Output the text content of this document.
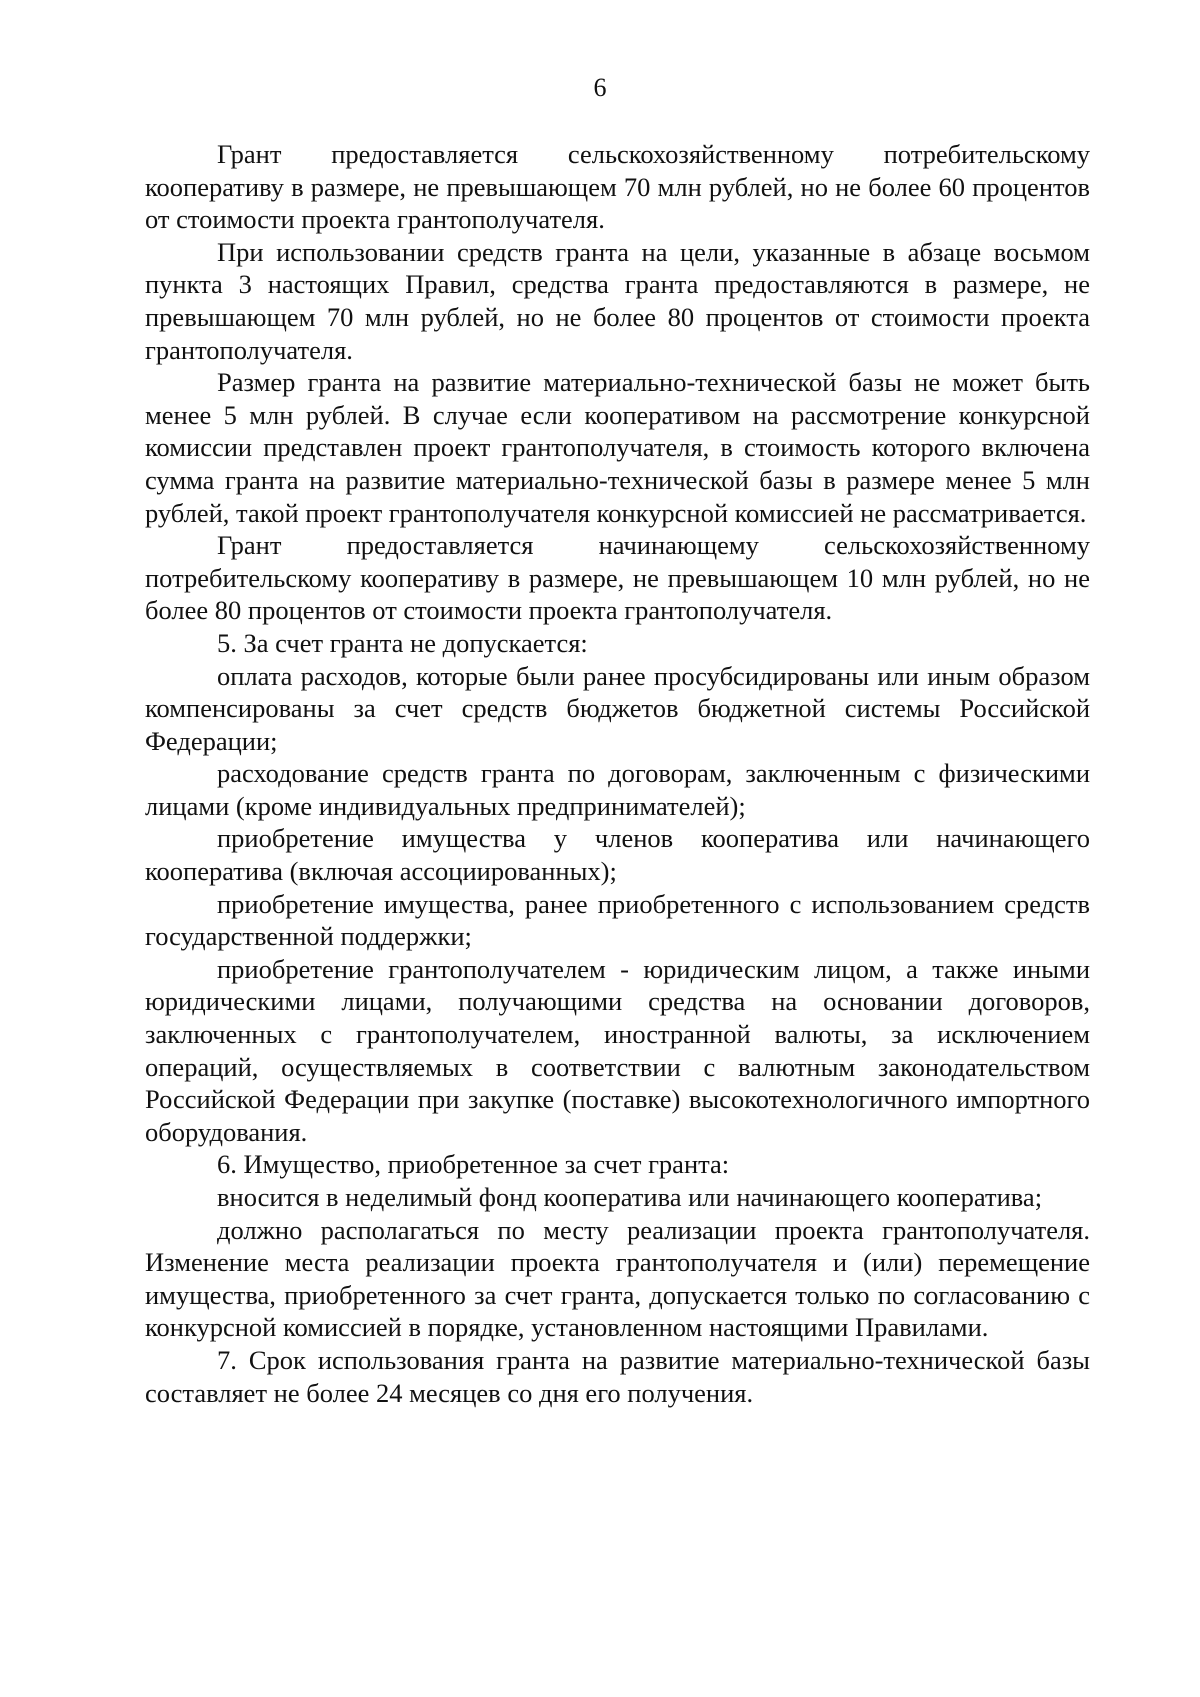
6

Грант предоставляется сельскохозяйственному потребительскому кооперативу в размере, не превышающем 70 млн рублей, но не более 60 процентов от стоимости проекта грантополучателя.

При использовании средств гранта на цели, указанные в абзаце восьмом пункта 3 настоящих Правил, средства гранта предоставляются в размере, не превышающем 70 млн рублей, но не более 80 процентов от стоимости проекта грантополучателя.

Размер гранта на развитие материально-технической базы не может быть менее 5 млн рублей. В случае если кооперативом на рассмотрение конкурсной комиссии представлен проект грантополучателя, в стоимость которого включена сумма гранта на развитие материально-технической базы в размере менее 5 млн рублей, такой проект грантополучателя конкурсной комиссией не рассматривается.

Грант предоставляется начинающему сельскохозяйственному потребительскому кооперативу в размере, не превышающем 10 млн рублей, но не более 80 процентов от стоимости проекта грантополучателя.

5. За счет гранта не допускается:

оплата расходов, которые были ранее просубсидированы или иным образом компенсированы за счет средств бюджетов бюджетной системы Российской Федерации;

расходование средств гранта по договорам, заключенным с физическими лицами (кроме индивидуальных предпринимателей);

приобретение имущества у членов кооператива или начинающего кооператива (включая ассоциированных);

приобретение имущества, ранее приобретенного с использованием средств государственной поддержки;

приобретение грантополучателем - юридическим лицом, а также иными юридическими лицами, получающими средства на основании договоров, заключенных с грантополучателем, иностранной валюты, за исключением операций, осуществляемых в соответствии с валютным законодательством Российской Федерации при закупке (поставке) высокотехнологичного импортного оборудования.

6. Имущество, приобретенное за счет гранта:

вносится в неделимый фонд кооператива или начинающего кооператива;

должно располагаться по месту реализации проекта грантополучателя. Изменение места реализации проекта грантополучателя и (или) перемещение имущества, приобретенного за счет гранта, допускается только по согласованию с конкурсной комиссией в порядке, установленном настоящими Правилами.

7. Срок использования гранта на развитие материально-технической базы составляет не более 24 месяцев со дня его получения.
